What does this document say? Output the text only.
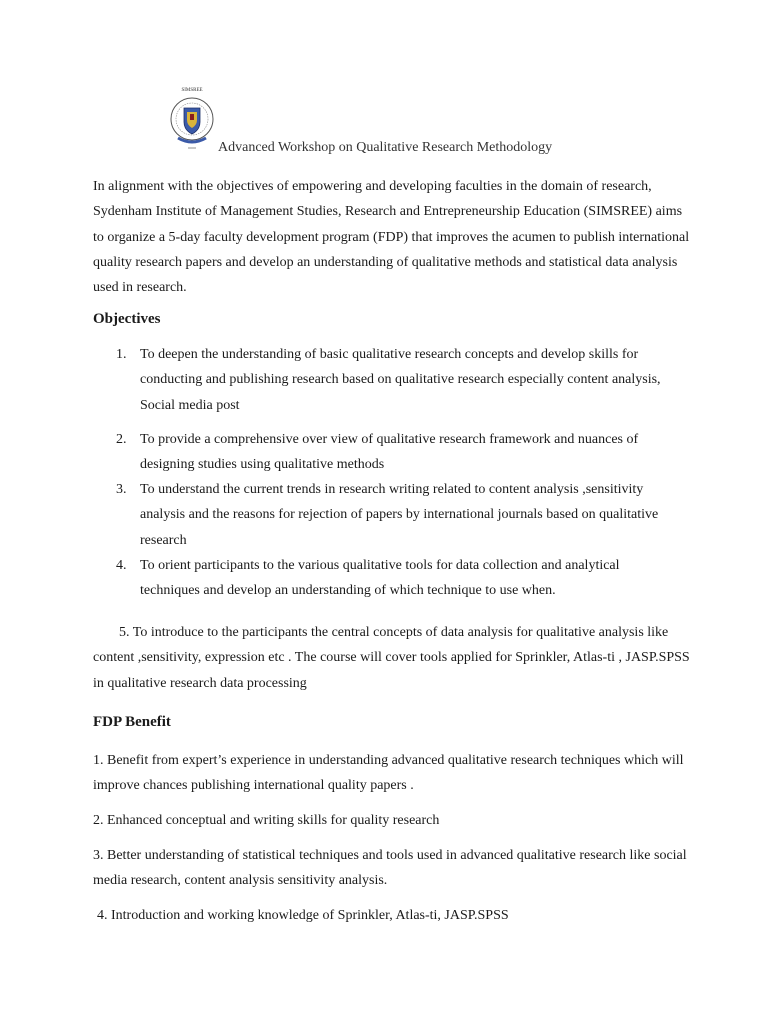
SIMSREE
Advanced Workshop on Qualitative Research Methodology

In alignment with the objectives of empowering and developing faculties in the domain of research, Sydenham Institute of Management Studies, Research and Entrepreneurship Education (SIMSREE) aims to organize a 5-day faculty development program (FDP) that improves the acumen to publish international quality research papers and develop an understanding of qualitative methods and statistical data analysis used in research.

Objectives
1. To deepen the understanding of basic qualitative research concepts and develop skills for conducting and publishing research based on qualitative research especially content analysis, Social media post
2. To provide a comprehensive over view of qualitative research framework and nuances of designing studies using qualitative methods
3. To understand the current trends in research writing related to content analysis ,sensitivity analysis and the reasons for rejection of papers by international journals based on qualitative research
4. To orient participants to the various qualitative tools for data collection and analytical techniques and develop an understanding of which technique to use when.

5. To introduce to the participants the central concepts of data analysis for qualitative analysis like content ,sensitivity, expression etc . The course will cover tools applied for Sprinkler, Atlas-ti , JASP.SPSS in qualitative research data processing

FDP Benefit

1. Benefit from expert’s experience in understanding advanced qualitative research techniques which will improve chances publishing international quality papers .

2. Enhanced conceptual and writing skills for quality research

3. Better understanding of statistical techniques and tools used in advanced qualitative research like social media research, content analysis sensitivity analysis.

4. Introduction and working knowledge of Sprinkler, Atlas-ti, JASP.SPSS
